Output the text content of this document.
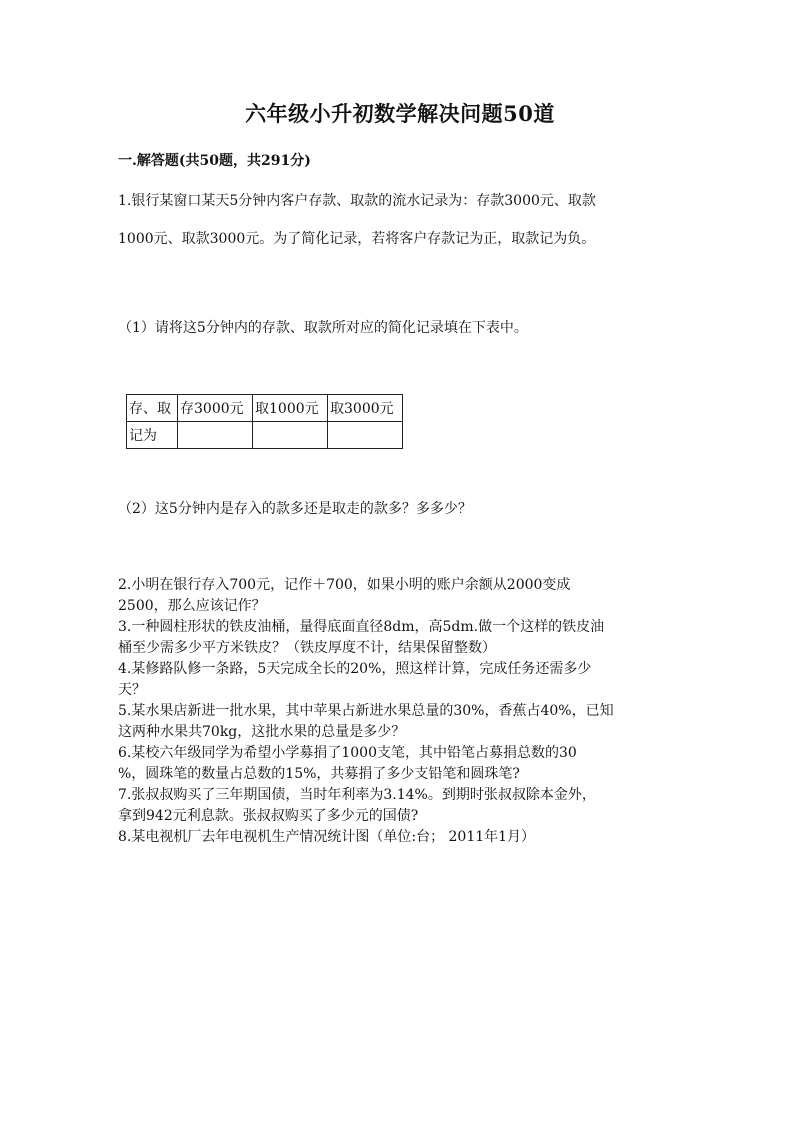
六年级小升初数学解决问题50道
一.解答题(共50题，共291分)
1.银行某窗口某天5分钟内客户存款、取款的流水记录为：存款3000元、取款
1000元、取款3000元。为了简化记录，若将客户存款记为正，取款记为负。
（1）请将这5分钟内的存款、取款所对应的简化记录填在下表中。
存、取	存3000元	取1000元	取3000元
记为			
（2）这5分钟内是存入的款多还是取走的款多？多多少？
2.小明在银行存入700元，记作＋700，如果小明的账户余额从2000变成
2500，那么应该记作？
3.一种圆柱形状的铁皮油桶，量得底面直径8dm，高5dm.做一个这样的铁皮油
桶至少需多少平方米铁皮？（铁皮厚度不计，结果保留整数）
4.某修路队修一条路，5天完成全长的20%，照这样计算，完成任务还需多少
天？
5.某水果店新进一批水果，其中苹果占新进水果总量的30%，香蕉占40%，已知
这两种水果共70kg，这批水果的总量是多少？
6.某校六年级同学为希望小学募捐了1000支笔，其中铅笔占募捐总数的30
%，圆珠笔的数量占总数的15%，共募捐了多少支铅笔和圆珠笔?
7.张叔叔购买了三年期国债，当时年利率为3.14%。到期时张叔叔除本金外，
拿到942元利息款。张叔叔购买了多少元的国债?
8.某电视机厂去年电视机生产情况统计图（单位:台； 2011年1月）
